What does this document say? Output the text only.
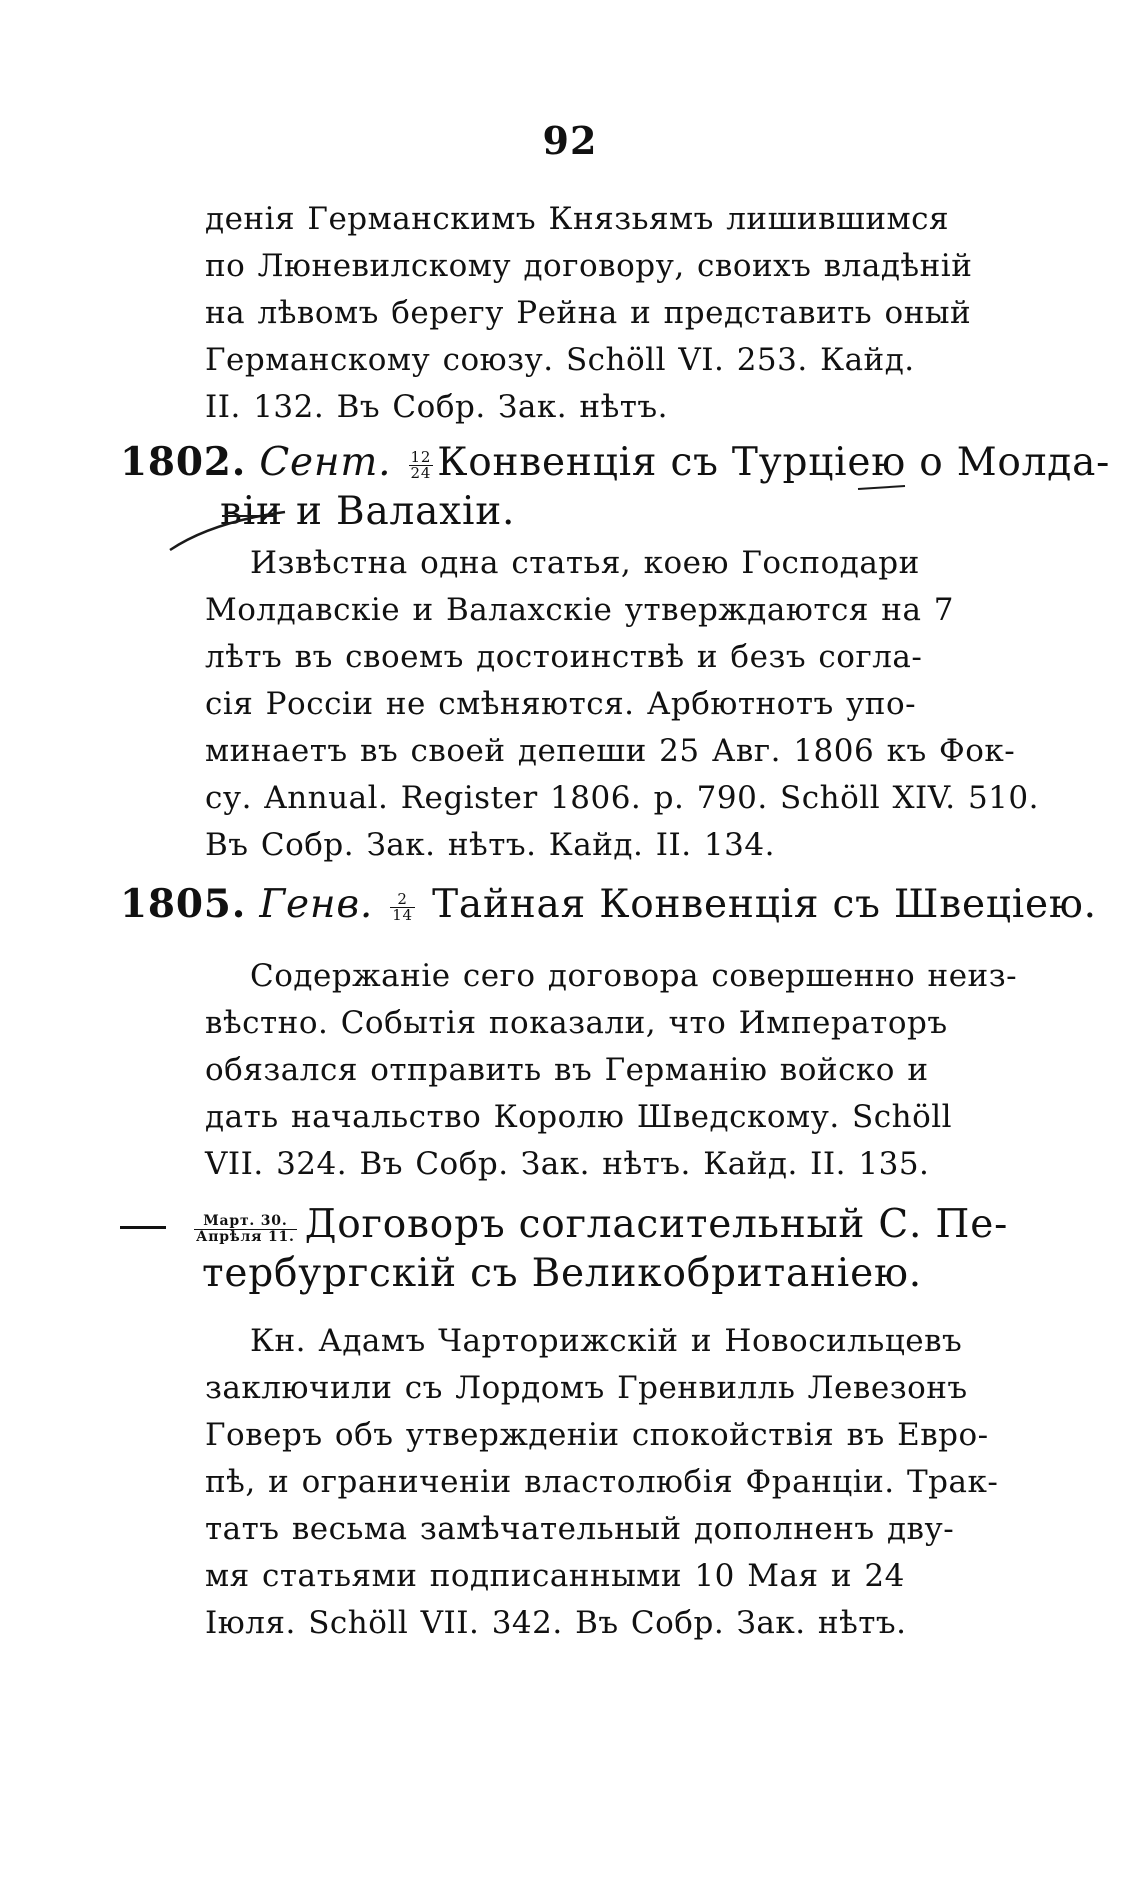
92
денія Германскимъ Князьямъ лишившимся
по Люневилскому договору, своихъ владѣній
на лѣвомъ берегу Рейна и представить оный
Германскому союзу. Schöll VI. 253. Кайд.
II. 132. Въ Собр. Зак. нѣтъ.
1802. Сент. $\frac{12}{24}$ Конвенція съ Турціею о Молда-
віи и Валахіи.
Извѣстна одна статья, коею Господари
Молдавскіе и Валахскіе утверждаются на 7
лѣтъ въ своемъ достоинствѣ и безъ согла-
сія Россіи не смѣняются. Арбютнотъ упо-
минаетъ въ своей депеши 25 Авг. 1806 къ Фок-
су. Annual. Register 1806. p. 790. Schöll XIV. 510.
Въ Собр. Зак. нѣтъ. Кайд. II. 134.
1805. Генв. $\frac{2}{14}$ Тайная Конвенція съ Швеціею.
Содержаніе сего договора совершенно неиз-
вѣстно. Событія показали, что Императоръ
обязался отправить въ Германію войско и
дать начальство Королю Шведскому. Schöll
VII. 324. Въ Собр. Зак. нѣтъ. Кайд. II. 135.
$\frac{\text{Март. 30.}}{\text{Апрѣля 11.}}$ Договоръ согласительный С. Пе-
тербургскій съ Великобританіею.
Кн. Адамъ Чарторижскій и Новосильцевъ
заключили съ Лордомъ Гренвилль Левезонъ
Говеръ объ утвержденіи спокойствія въ Евро-
пѣ, и ограниченіи властолюбія Франціи. Трак-
татъ весьма замѣчательный дополненъ дву-
мя статьями подписанными 10 Мая и 24
Іюля. Schöll VII. 342. Въ Собр. Зак. нѣтъ.
